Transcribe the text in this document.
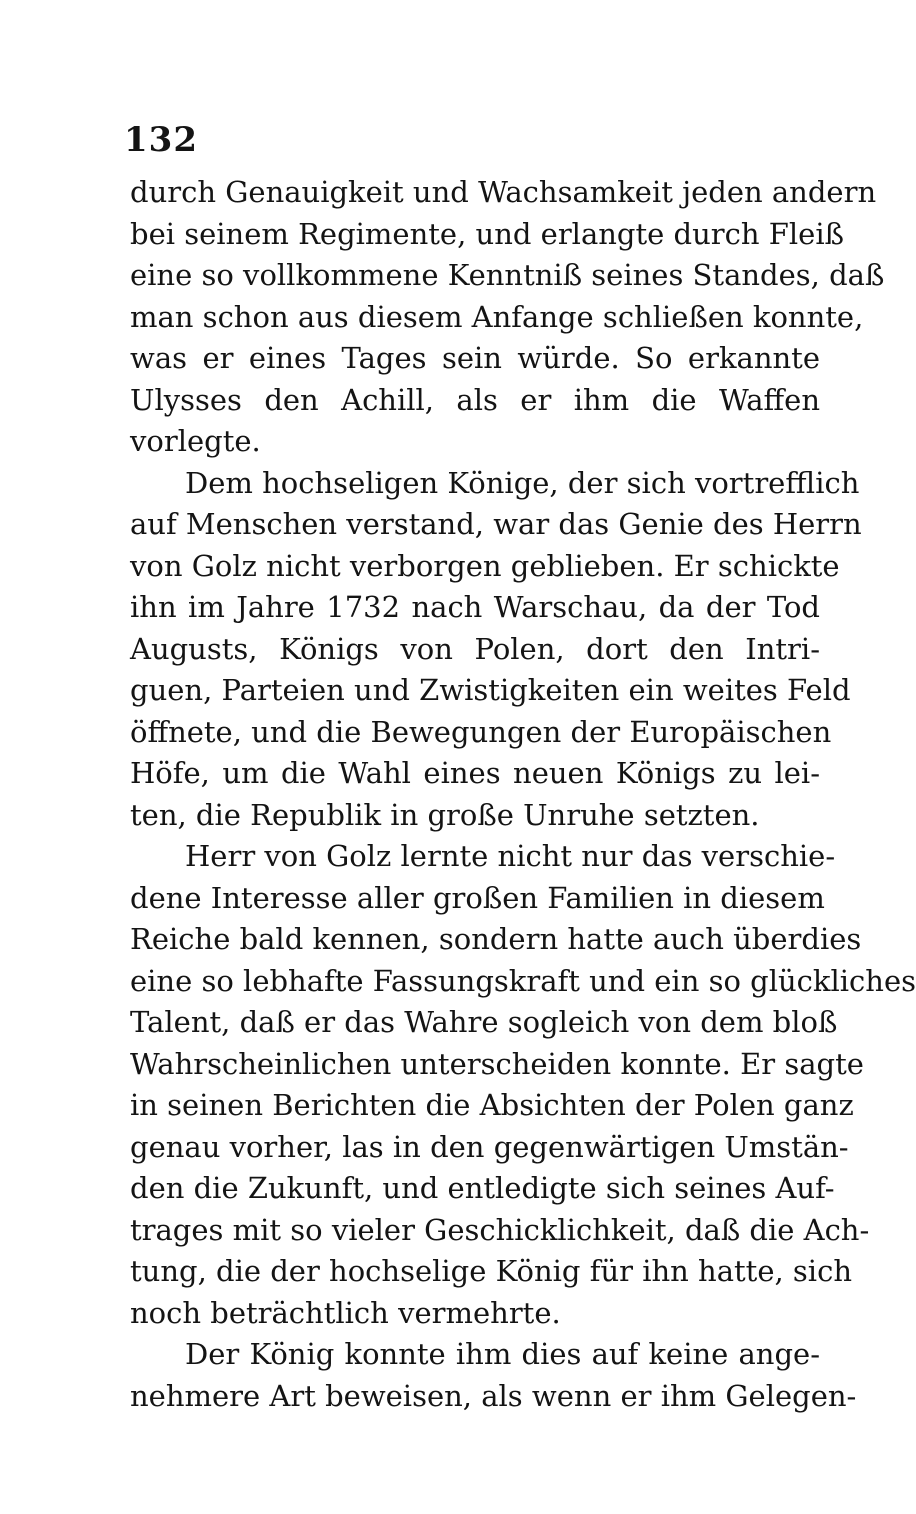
132
durch Genauigkeit und Wachsamkeit jeden andern
bei seinem Regimente, und erlangte durch Fleiß
eine so vollkommene Kenntniß seines Standes, daß
man schon aus diesem Anfange schließen konnte,
was er eines Tages sein würde. So erkannte
Ulysses den Achill, als er ihm die Waffen
vorlegte.
Dem hochseligen Könige, der sich vortrefflich
auf Menschen verstand, war das Genie des Herrn
von Golz nicht verborgen geblieben. Er schickte
ihn im Jahre 1732 nach Warschau, da der Tod
Augusts, Königs von Polen, dort den Intri-
guen, Parteien und Zwistigkeiten ein weites Feld
öffnete, und die Bewegungen der Europäischen
Höfe, um die Wahl eines neuen Königs zu lei-
ten, die Republik in große Unruhe setzten.
Herr von Golz lernte nicht nur das verschie-
dene Interesse aller großen Familien in diesem
Reiche bald kennen, sondern hatte auch überdies
eine so lebhafte Fassungskraft und ein so glückliches
Talent, daß er das Wahre sogleich von dem bloß
Wahrscheinlichen unterscheiden konnte. Er sagte
in seinen Berichten die Absichten der Polen ganz
genau vorher, las in den gegenwärtigen Umstän-
den die Zukunft, und entledigte sich seines Auf-
trages mit so vieler Geschicklichkeit, daß die Ach-
tung, die der hochselige König für ihn hatte, sich
noch beträchtlich vermehrte.
Der König konnte ihm dies auf keine ange-
nehmere Art beweisen, als wenn er ihm Gelegen-
